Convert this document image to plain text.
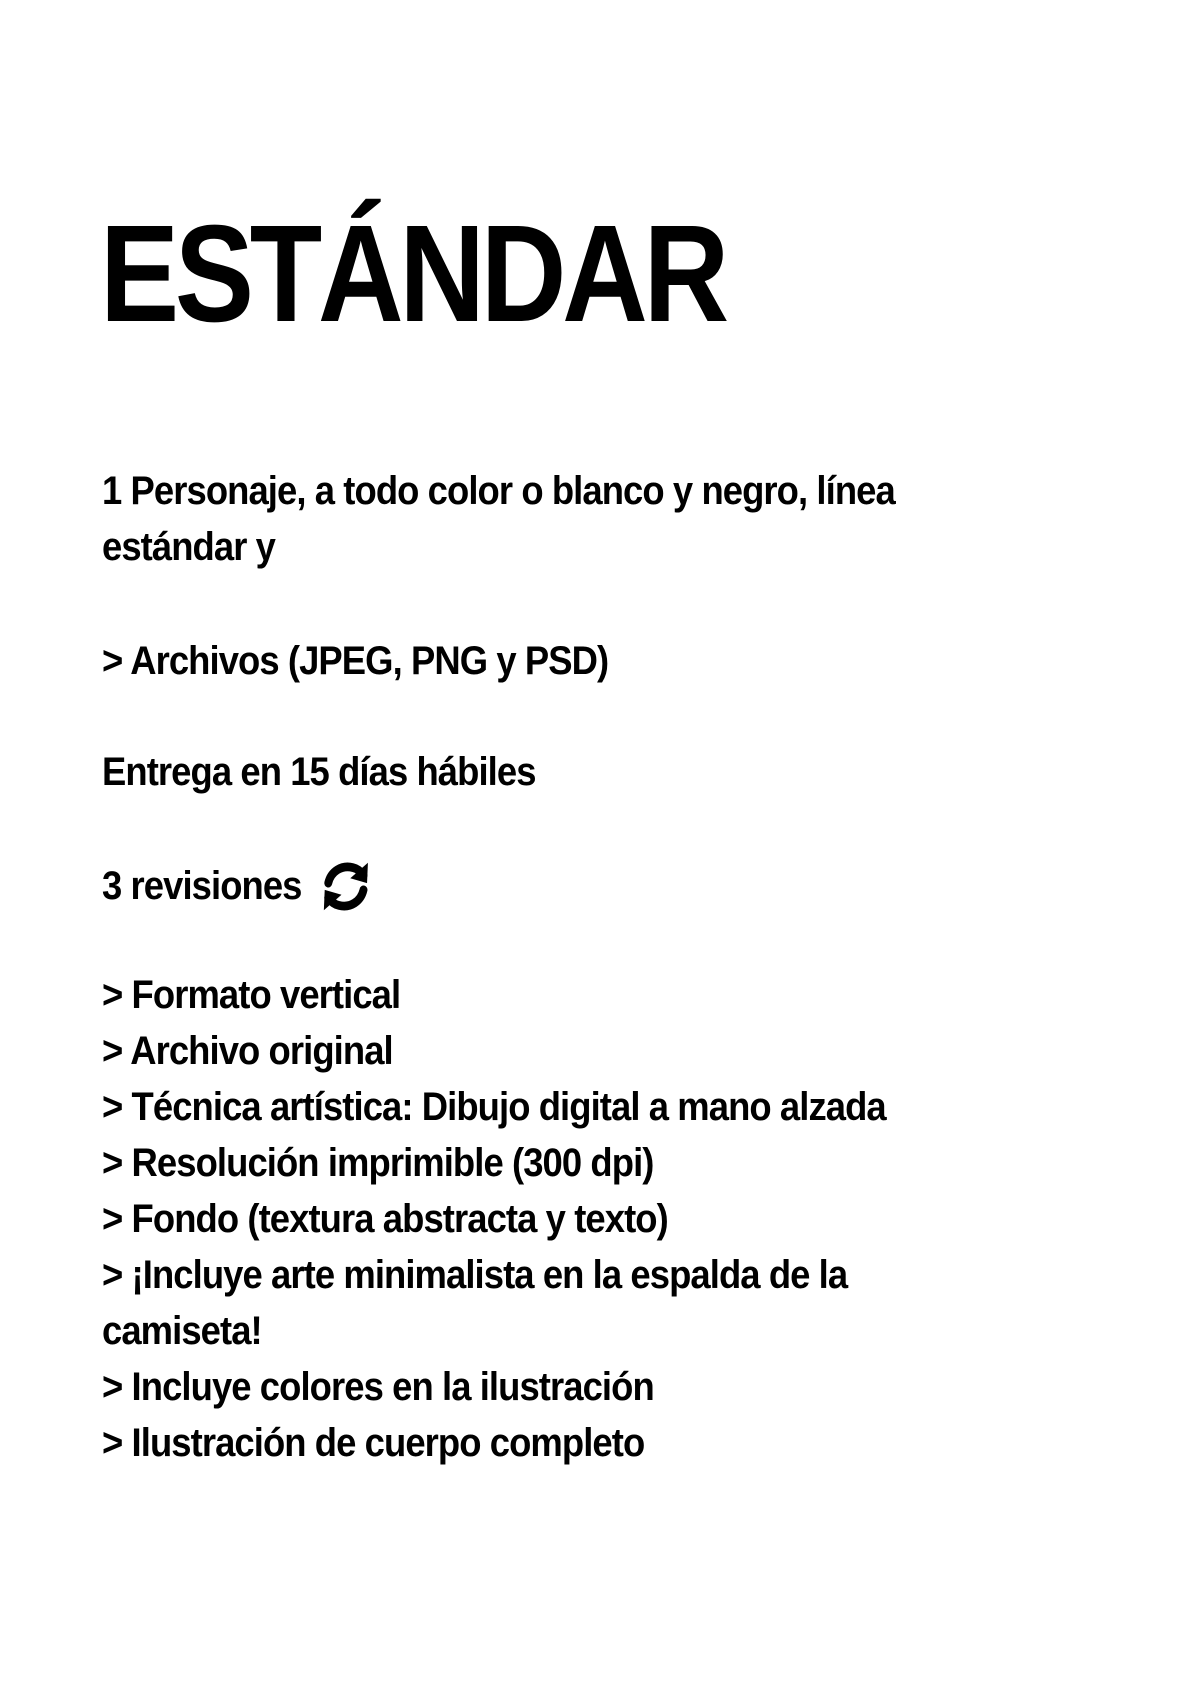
ESTÁNDAR
1 Personaje, a todo color o blanco y negro, línea
estándar y
> Archivos (JPEG, PNG y PSD)
Entrega en 15 días hábiles
3 revisiones
> Formato vertical
> Archivo original
> Técnica artística: Dibujo digital a mano alzada
> Resolución imprimible (300 dpi)
> Fondo (textura abstracta y texto)
> ¡Incluye arte minimalista en la espalda de la
camiseta!
> Incluye colores en la ilustración
> Ilustración de cuerpo completo
